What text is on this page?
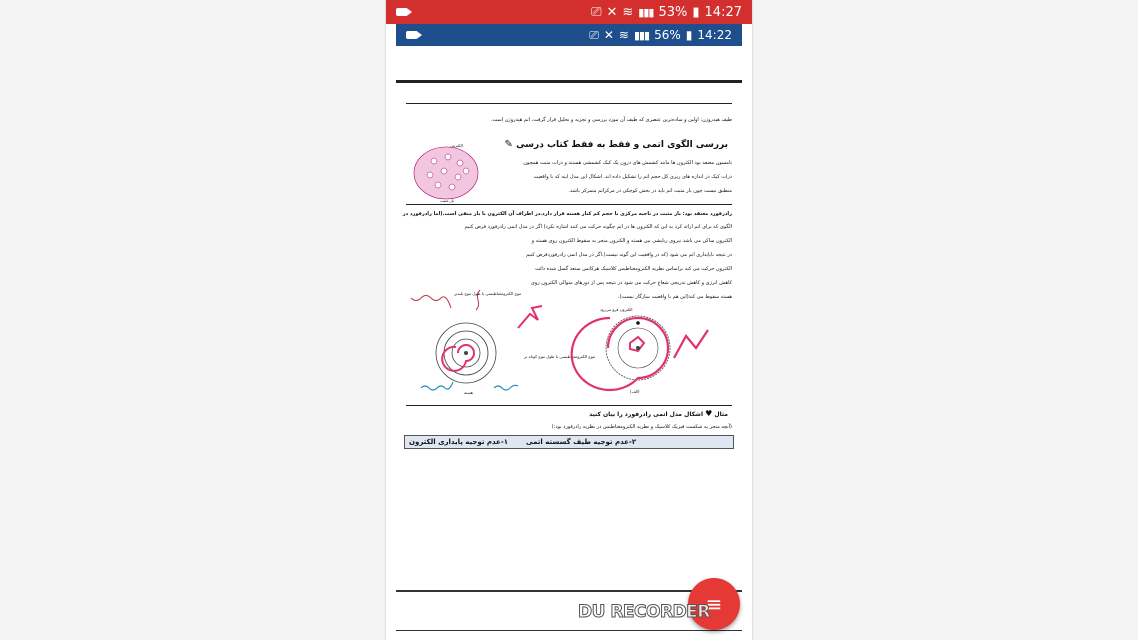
⎚ ✕ ≋ ▮▮▮ 53% ▮ 14:27
⎚ ✕ ≋ ▮▮▮ 56% ▮ 14:22
طیف هیدروژن: اولین و ساده‌ترین عنصری که طیف آن مورد بررسی و تجزیه و تحلیل قرار گرفت، اتم هیدروژن است.
بررسی الگوی اتمی و فقط به فقط کتاب درسی ✎
تامسون معتقد بود الکترون ها مانند کشمش های درون یک کیک کشمشی هستند و ذرات مثبت همچون
ذرات کیک در اندازه های ریزی کل حجم اتم را تشکیل داده اند. اشکال این مدل اینه که با واقعیت
منطبق نیست چون بار مثبت اتم باید در بخش کوچکی در مرکزاتم متمرکز باشد.
الکترون
بار مثبت
رادرفورد معتقد بود: بار مثبت در ناحیه مرکزی با حجم کم کنار هسته قرار دارد.در اطراف آن الکترون با بار منفی است.(اما رادرفورد در
الگوی که برای اتم ارائه کرد به این که الکترون ها در اتم چگونه حرکت می کنند اشاره نکرد) اگر در مدل اتمی رادرفورد فرض کنیم
الکترون ساکن می باشد نیروی ربایشی بین هسته و الکترون منجر به سقوط الکترون روی هسته و
در نتیجه ناپایداری اتم می شود (که در واقعیت این گونه نیست).اگر در مدل اتمی رادرفوردفرض کنیم
الکترون حرکت می کند براساس نظریه الکترومغناطیس کلاسیک هرکاتس ستعد گسل شده دائت
کاهش انرژی و کاهش تدریجی شعاع حرکت می شود در نتیجه پس از دورهای متوالی الکترون روی
هسته سقوط می کند(این هم با واقعیت سازگار نیست).
موج الکترومغناطیسی با طول موج بلندتر
موج الکترومغناطیسی با طول موج کوتاه تر
هسته
الکترون فرو می‌رود
(الف)
مثال ♥ اشکال مدل اتمی رادرفورد را بیان کنید
(آنچه منجر به شکست فیزیک کلاسیک و نظریه الکترومغناطیس در نظریه رادرفورد بود:)
۱-عدم توجیه پایداری الکترون	۲-عدم توجیه طیف گسسته اتمی
≡
DU RECORDER
